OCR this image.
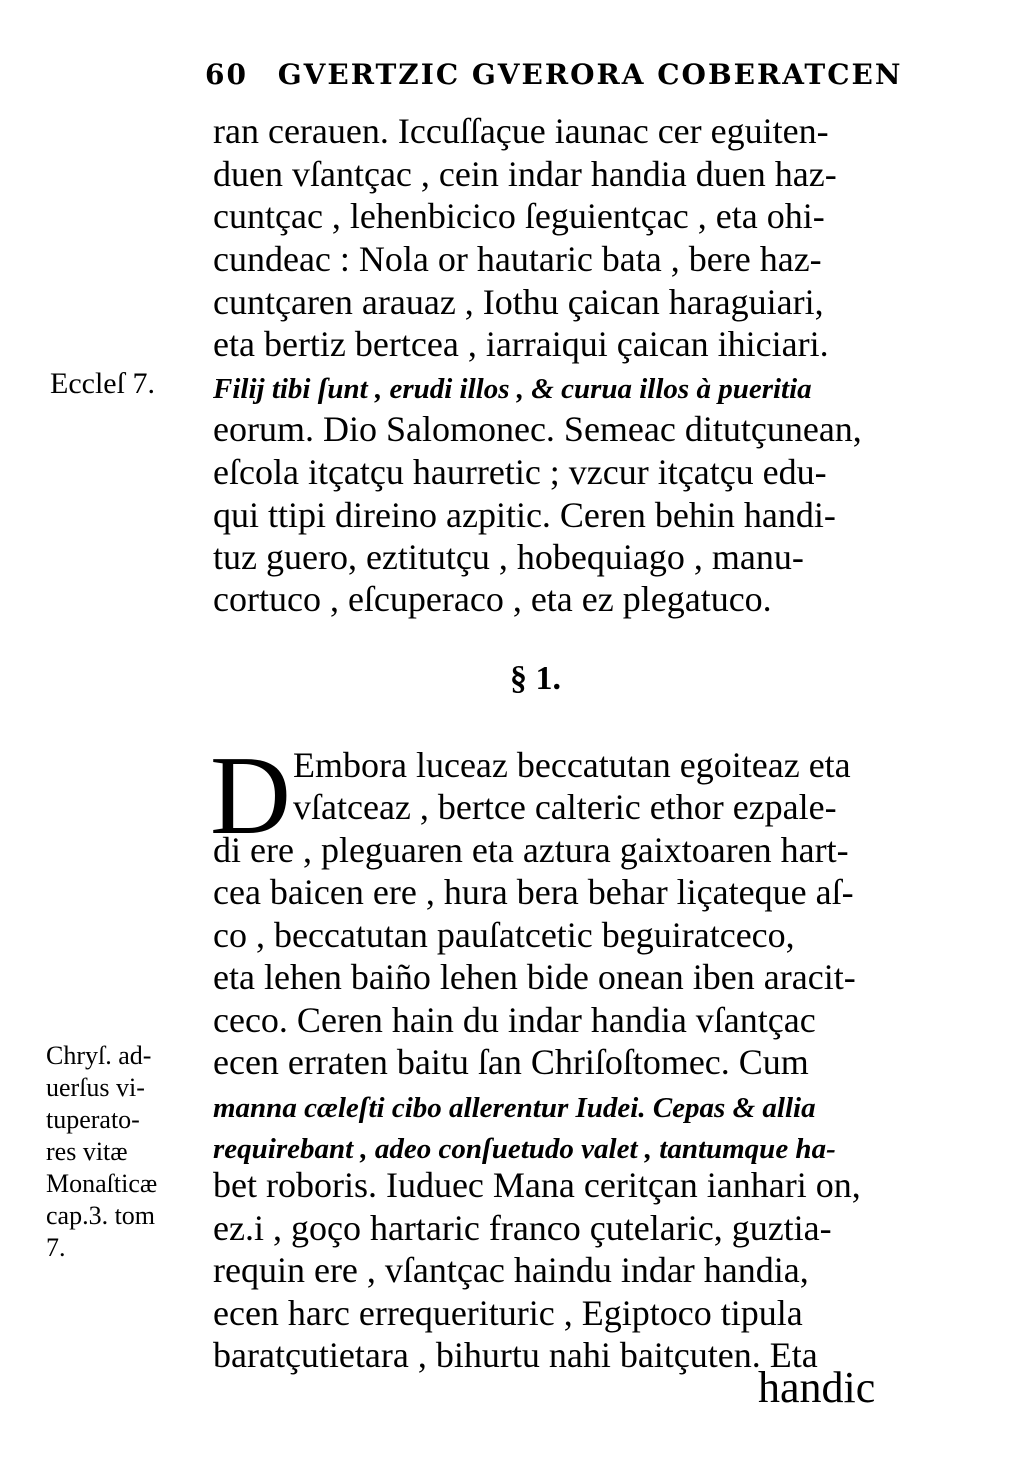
60 GVERTZIC GVERORA COBERATCEN
ran cerauen. Iccuſſaçue iaunac cer eguiten-
duen vſantçac , cein indar handia duen haz-
cuntçac , lehenbicico ſeguientçac , eta ohi-
cundeac : Nola or hautaric bata , bere haz-
cuntçaren arauaz , Iothu çaican haraguiari,
eta bertiz bertcea , iarraiqui çaican ihiciari.
Filij tibi ſunt , erudi illos , & curua illos à pueritia
eorum. Dio Salomonec. Semeac ditutçunean,
eſcola itçatçu haurretic ; vzcur itçatçu edu-
qui ttipi direino azpitic. Ceren behin handi-
tuz guero, eztitutçu , hobequiago , manu-
cortuco , eſcuperaco , eta ez plegatuco.
§ 1.
D Embora luceaz beccatutan egoiteaz eta
vſatceaz , bertce calteric ethor ezpale-
di ere , pleguaren eta aztura gaixtoaren hart-
cea baicen ere , hura bera behar liçateque aſ-
co , beccatutan pauſatcetic beguiratceco,
eta lehen baiño lehen bide onean iben aracit-
ceco. Ceren hain du indar handia vſantçac
ecen erraten baitu ſan Chriſoſtomec. Cum
manna cæleſti cibo allerentur Iudei. Cepas & allia
requirebant , adeo conſuetudo valet , tantumque ha-
bet roboris. Iuduec Mana ceritçan ianhari on,
ez.i , goço hartaric franco çutelaric, guztia-
requin ere , vſantçac haindu indar handia,
ecen harc errequerituric , Egiptoco tipula
baratçutietara , bihurtu nahi baitçuten. Eta
handic
Eccleſ 7.
Chryſ. ad-
uerſus vi-
tuperato-
res vitæ
Monaſticæ
cap.3. tom
7.
